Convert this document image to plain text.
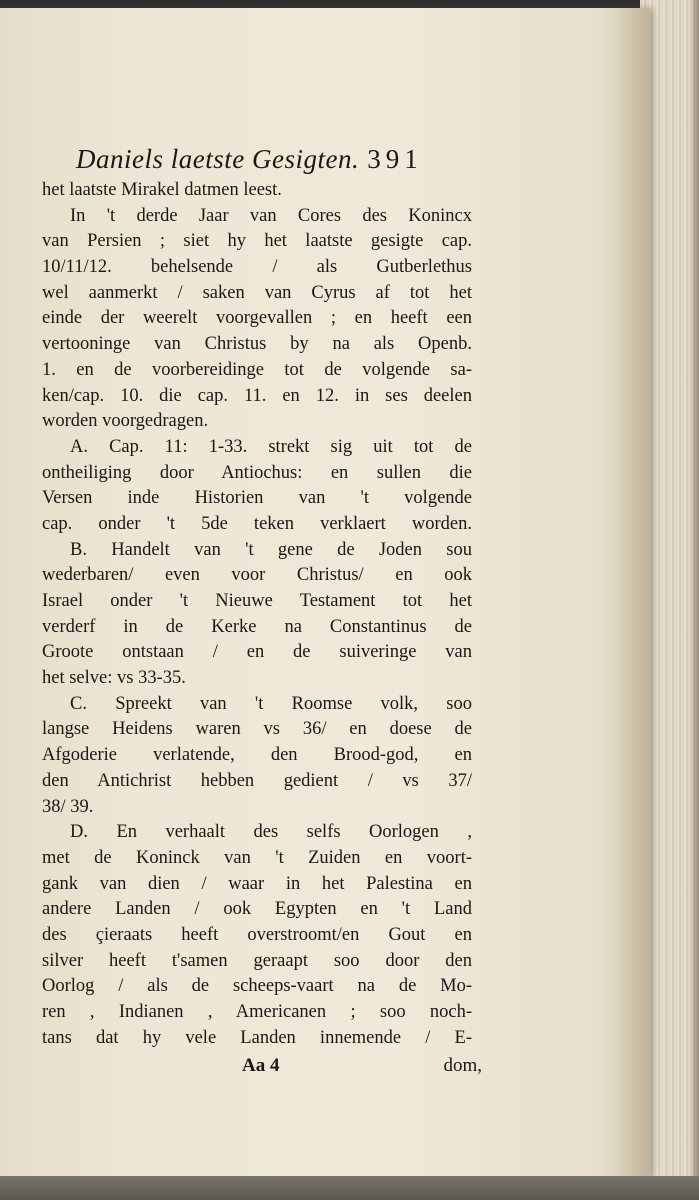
Daniels laetste Gesigten. 391
het laatste Mirakel datmen leest.
In 't derde Jaar van Cores des Konincx
van Persien ; siet hy het laatste gesigte cap.
10/11/12. behelsende / als Gutberlethus
wel aanmerkt / saken van Cyrus af tot het
einde der weerelt voorgevallen ; en heeft een
vertooninge van Christus by na als Openb.
1. en de voorbereidinge tot de volgende sa-
ken/cap. 10. die cap. 11. en 12. in ses deelen
worden voorgedragen.
A. Cap. 11: 1-33. strekt sig uit tot de
ontheiliging door Antiochus: en sullen die
Versen inde Historien van 't volgende
cap. onder 't 5de teken verklaert worden.
B. Handelt van 't gene de Joden sou
wederbaren/ even voor Christus/ en ook
Israel onder 't Nieuwe Testament tot het
verderf in de Kerke na Constantinus de
Groote ontstaan / en de suiveringe van
het selve: vs 33-35.
C. Spreekt van 't Roomse volk, soo
langse Heidens waren vs 36/ en doese de
Afgoderie verlatende, den Brood-god, en
den Antichrist hebben gedient / vs 37/
38/ 39.
D. En verhaalt des selfs Oorlogen ,
met de Koninck van 't Zuiden en voort-
gank van dien / waar in het Palestina en
andere Landen / ook Egypten en 't Land
des çieraats heeft overstroomt/en Gout en
silver heeft t'samen geraapt soo door den
Oorlog / als de scheeps-vaart na de Mo-
ren , Indianen , Americanen ; soo noch-
tans dat hy vele Landen innemende / E-
Aa 4	dom,
